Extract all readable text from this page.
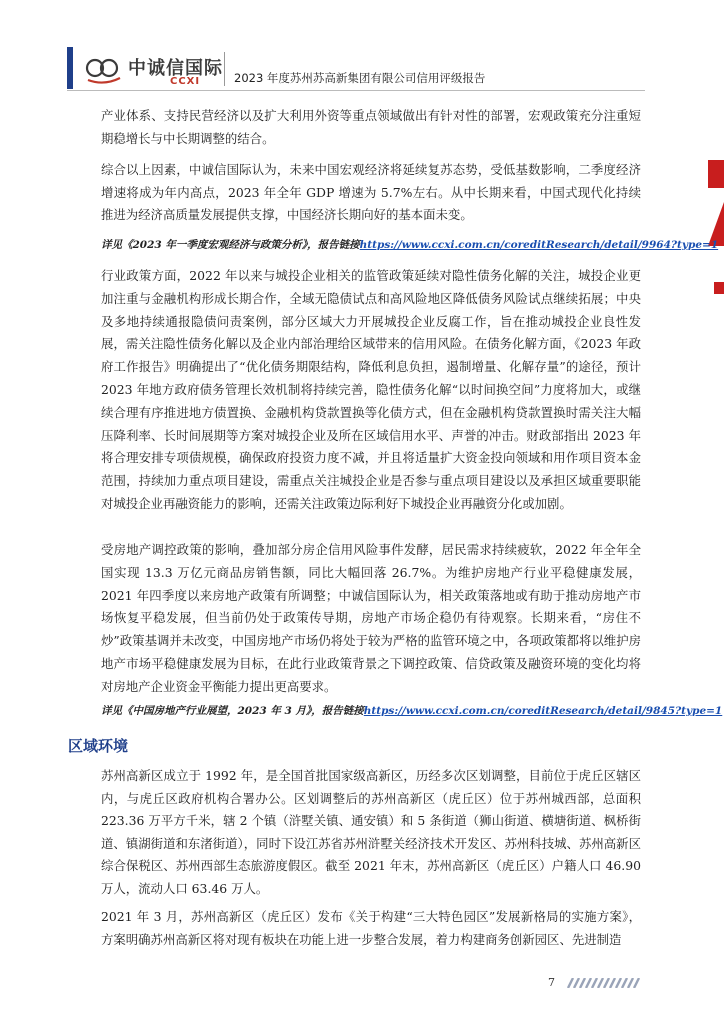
中诚信国际
CCXI	2023 年度苏州苏高新集团有限公司信用评级报告

产业体系、支持民营经济以及扩大利用外资等重点领域做出有针对性的部署，宏观政策充分注重短期稳增长与中长期调整的结合。

综合以上因素，中诚信国际认为，未来中国宏观经济将延续复苏态势，受低基数影响，二季度经济增速将成为年内高点，2023 年全年 GDP 增速为 5.7%左右。从中长期来看，中国式现代化持续推进为经济高质量发展提供支撑，中国经济长期向好的基本面未变。

详见《2023 年一季度宏观经济与政策分析》，报告链接https://www.ccxi.com.cn/coreditResearch/detail/9964?type=1

行业政策方面，2022 年以来与城投企业相关的监管政策延续对隐性债务化解的关注，城投企业更加注重与金融机构形成长期合作，全域无隐债试点和高风险地区降低债务风险试点继续拓展；中央及多地持续通报隐债问责案例，部分区域大力开展城投企业反腐工作，旨在推动城投企业良性发展，需关注隐性债务化解以及企业内部治理给区域带来的信用风险。在债务化解方面，《2023 年政府工作报告》明确提出了“优化债务期限结构，降低利息负担，遏制增量、化解存量”的途径，预计 2023 年地方政府债务管理长效机制将持续完善，隐性债务化解“以时间换空间”力度将加大，或继续合理有序推进地方债置换、金融机构贷款置换等化债方式，但在金融机构贷款置换时需关注大幅压降利率、长时间展期等方案对城投企业及所在区域信用水平、声誉的冲击。财政部指出 2023 年将合理安排专项债规模，确保政府投资力度不减，并且将适量扩大资金投向领域和用作项目资本金范围，持续加力重点项目建设，需重点关注城投企业是否参与重点项目建设以及承担区域重要职能对城投企业再融资能力的影响，还需关注政策边际利好下城投企业再融资分化或加剧。

受房地产调控政策的影响，叠加部分房企信用风险事件发酵，居民需求持续疲软，2022 年全年全国实现 13.3 万亿元商品房销售额，同比大幅回落 26.7%。为维护房地产行业平稳健康发展，2021 年四季度以来房地产政策有所调整；中诚信国际认为，相关政策落地或有助于推动房地产市场恢复平稳发展，但当前仍处于政策传导期，房地产市场企稳仍有待观察。长期来看，“房住不炒”政策基调并未改变，中国房地产市场仍将处于较为严格的监管环境之中，各项政策都将以维护房地产市场平稳健康发展为目标，在此行业政策背景之下调控政策、信贷政策及融资环境的变化均将对房地产企业资金平衡能力提出更高要求。

详见《中国房地产行业展望，2023 年 3 月》，报告链接https://www.ccxi.com.cn/coreditResearch/detail/9845?type=1

区域环境

苏州高新区成立于 1992 年，是全国首批国家级高新区，历经多次区划调整，目前位于虎丘区辖区内，与虎丘区政府机构合署办公。区划调整后的苏州高新区（虎丘区）位于苏州城西部，总面积 223.36 万平方千米，辖 2 个镇（浒墅关镇、通安镇）和 5 条街道（狮山街道、横塘街道、枫桥街道、镇湖街道和东渚街道），同时下设江苏省苏州浒墅关经济技术开发区、苏州科技城、苏州高新区综合保税区、苏州西部生态旅游度假区。截至 2021 年末，苏州高新区（虎丘区）户籍人口 46.90 万人，流动人口 63.46 万人。

2021 年 3 月，苏州高新区（虎丘区）发布《关于构建“三大特色园区”发展新格局的实施方案》，方案明确苏州高新区将对现有板块在功能上进一步整合发展，着力构建商务创新园区、先进制造

7
